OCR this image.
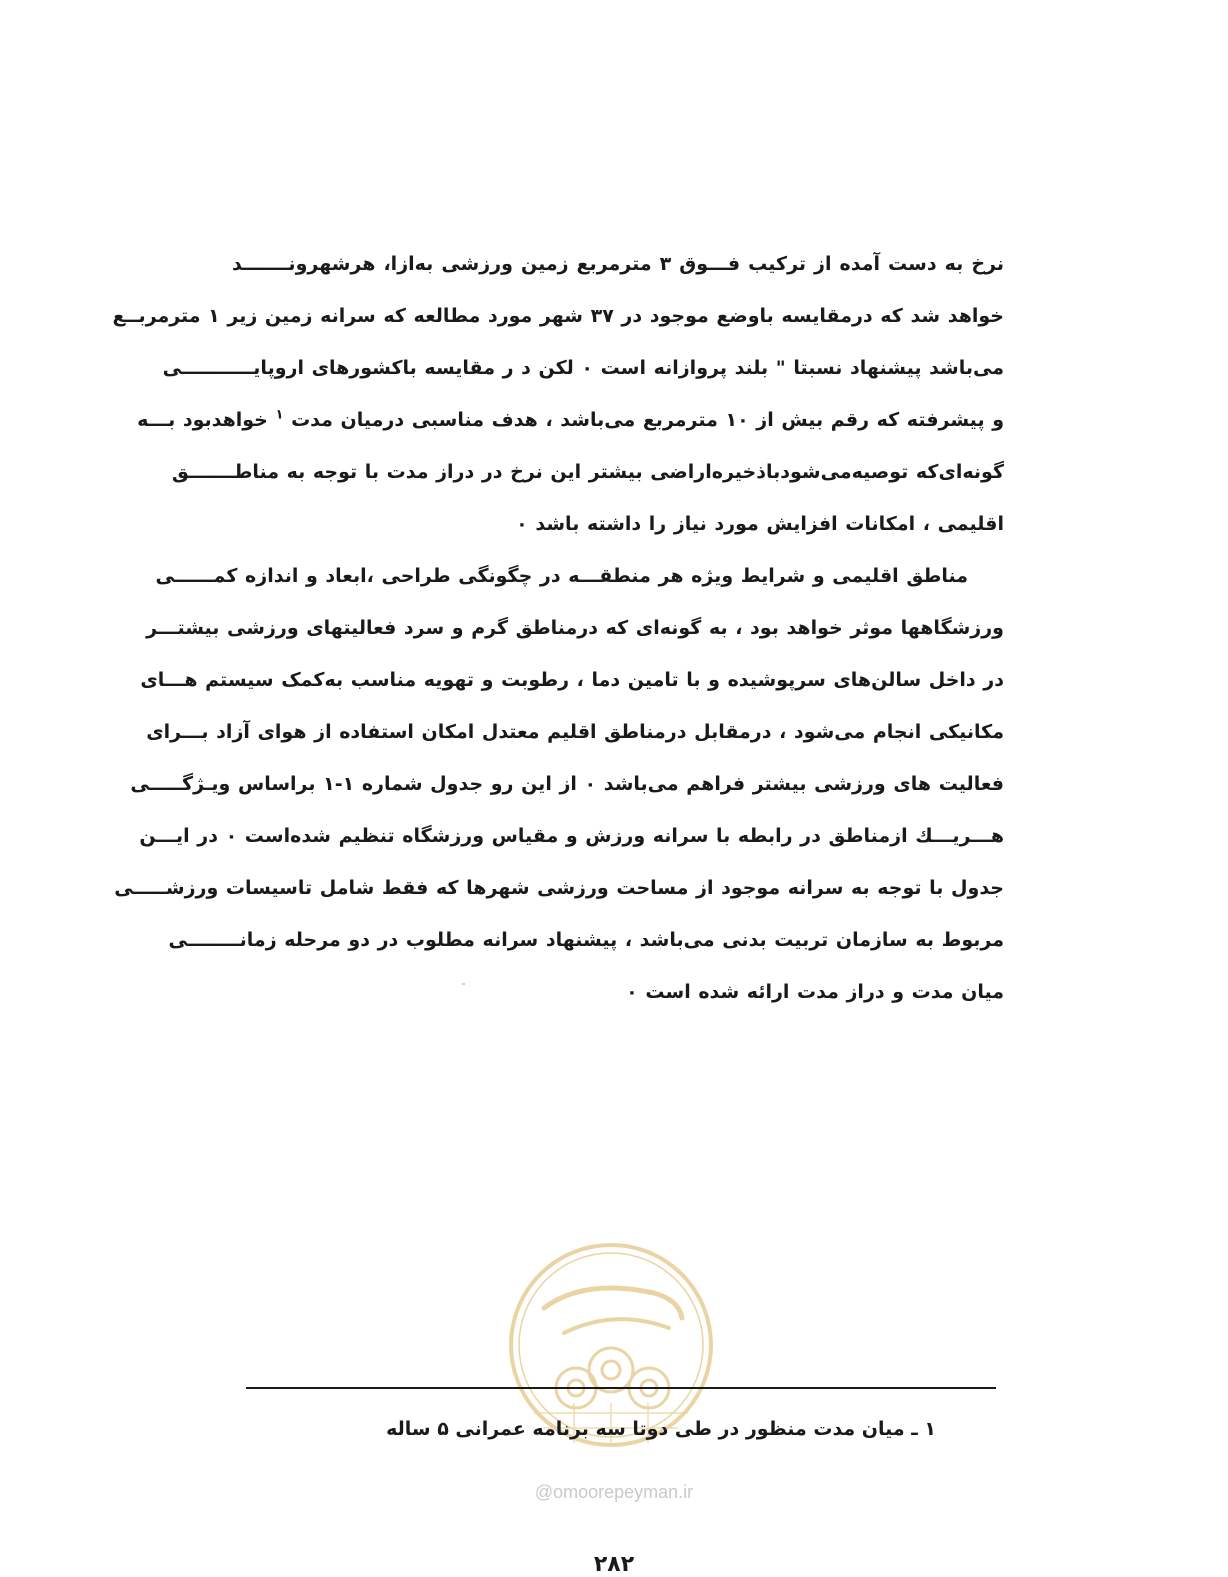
نرخ به دست آمده از ترکیب فـــوق ۳ مترمربع زمین ورزشی به‌ازا، هرشهرونـــــــد
خواهد شد که درمقایسه باوضع موجود در ۳۷ شهر مورد مطالعه که سرانه زمین زیر ۱ مترمربــع
می‌باشد پیشنهاد نسبتا " بلند پروازانه است ۰ لکن د ر مقایسه باکشورهای اروپایـــــــــــی
و پیشرفته که رقم بیش از ۱۰ مترمربع می‌باشد ، هدف مناسبی درمیان مدت $^۱$ خواهدبود بـــه
گونه‌ای‌که توصیه‌می‌شودباذخیره‌اراضی بیشتر این نرخ در دراز مدت با توجه به مناطـــــــق
اقلیمی ، امکانات افزایش مورد نیاز را داشته باشد ۰
مناطق اقلیمی و شرایط ویژه هر منطقـــه در چگونگی طراحی ،ابعاد و اندازه کمــــــی
ورزشگاهها موثر خواهد بود ، به گونه‌ای که درمناطق گرم و سرد فعالیتهای ورزشی بیشتـــر
در داخل سالن‌های سرپوشیده و با تامین دما ، رطوبت و تهویه مناسب به‌کمک سیستم هـــای
مکانیکی انجام می‌شود ، درمقابل درمناطق اقلیم معتدل امکان استفاده از هوای آزاد بـــرای
فعالیت های ورزشی بیشتر فراهم می‌باشد ۰ از این رو جدول شماره ۱-۱ براساس ویـژگـــــی
هـــریـــك ازمناطق در رابطه با سرانه ورزش و مقیاس ورزشگاه تنظیم شده‌است ۰ در ایـــن
جدول با توجه به سرانه موجود از مساحت ورزشی شهرها که فقط شامل تاسیسات ورزشـــــی
مربوط به سازمان تربیت بدنی می‌باشد ، پیشنهاد سرانه مطلوب در دو مرحله زمانــــــــی
میان مدت و دراز مدت ارائه شده است ۰
۱ ـ میان مدت منظور در طی دوتا سه برنامه عمرانی ۵ ساله
@omoorepeyman.ir
۲۸۲
